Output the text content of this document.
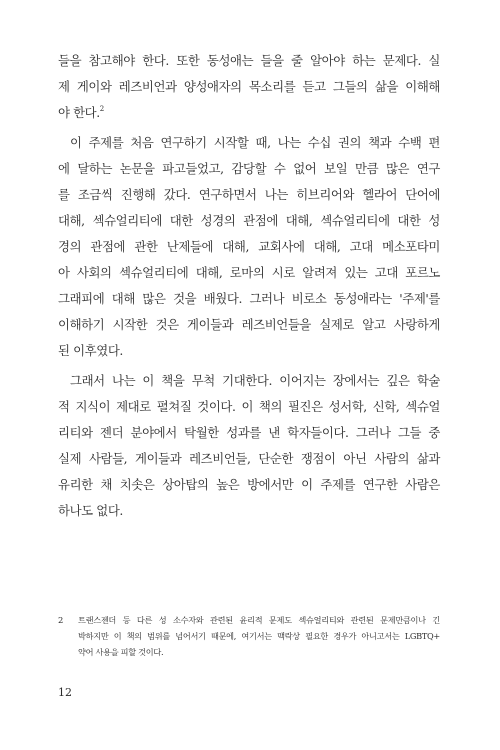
들을 참고해야 한다. 또한 동성애는 들을 줄 알아야 하는 문제다. 실
제 게이와 레즈비언과 양성애자의 목소리를 듣고 그들의 삶을 이해해
야 한다.$^2$
이 주제를 처음 연구하기 시작할 때, 나는 수십 권의 책과 수백 편
에 달하는 논문을 파고들었고, 감당할 수 없어 보일 만큼 많은 연구
를 조금씩 진행해 갔다. 연구하면서 나는 히브리어와 헬라어 단어에
대해, 섹슈얼리티에 대한 성경의 관점에 대해, 섹슈얼리티에 대한 성
경의 관점에 관한 난제들에 대해, 교회사에 대해, 고대 메소포타미
아 사회의 섹슈얼리티에 대해, 로마의 시로 알려져 있는 고대 포르노
그래피에 대해 많은 것을 배웠다. 그러나 비로소 동성애라는 '주제'를
이해하기 시작한 것은 게이들과 레즈비언들을 실제로 알고 사랑하게
된 이후였다.
그래서 나는 이 책을 무척 기대한다. 이어지는 장에서는 깊은 학술
적 지식이 제대로 펼쳐질 것이다. 이 책의 필진은 성서학, 신학, 섹슈얼
리티와 젠더 분야에서 탁월한 성과를 낸 학자들이다. 그러나 그들 중
실제 사람들, 게이들과 레즈비언들, 단순한 쟁점이 아닌 사람의 삶과
유리한 채 치솟은 상아탑의 높은 방에서만 이 주제를 연구한 사람은
하나도 없다.
2	트랜스젠더 등 다른 성 소수자와 관련된 윤리적 문제도 섹슈얼리티와 관련된 문제만큼이나 긴
박하지만 이 책의 범위를 넘어서기 때문에, 여기서는 맥락상 필요한 경우가 아니고서는 LGBTQ+
약어 사용을 피할 것이다.
12
